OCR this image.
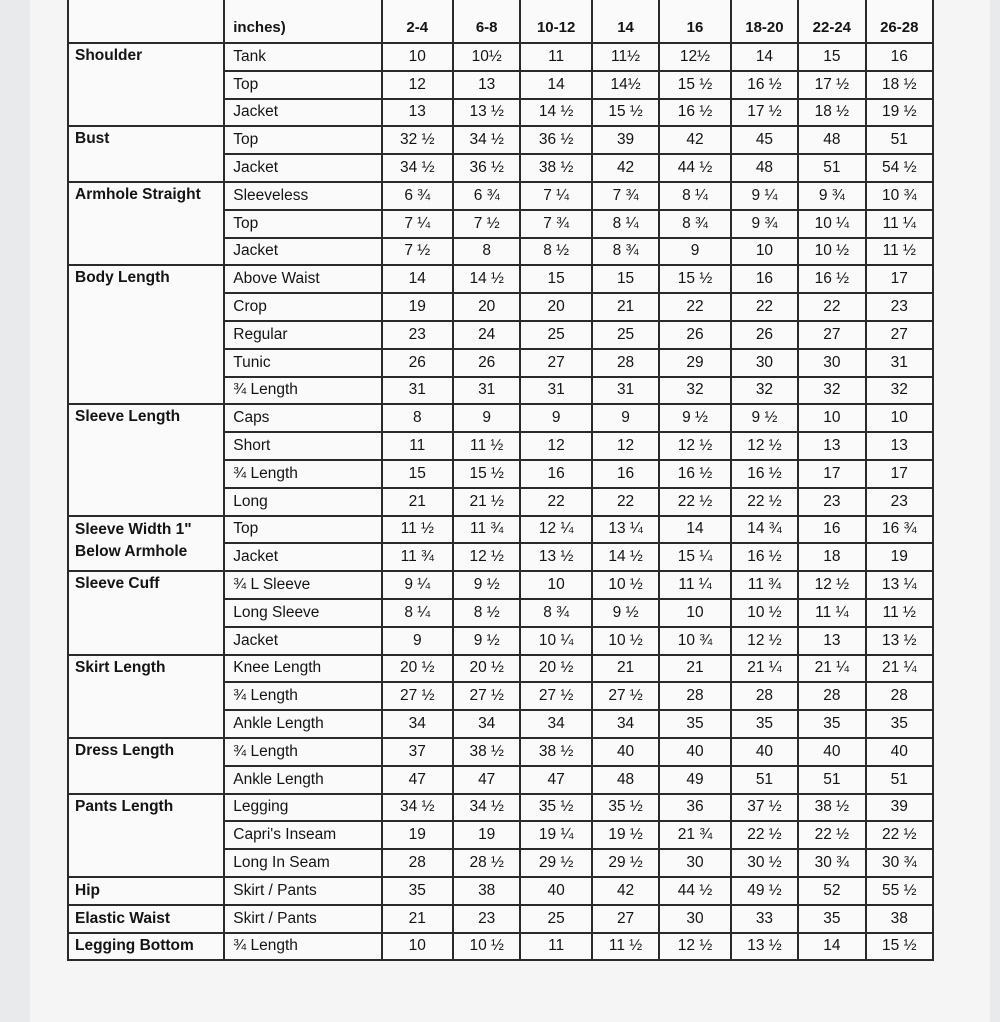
	inches)	2-4	6-8	10-12	14	16	18-20	22-24	26-28
Shoulder	Tank	10	10½	11	11½	12½	14	15	16
	Top	12	13	14	14½	15 ½	16 ½	17 ½	18 ½
	Jacket	13	13 ½	14 ½	15 ½	16 ½	17 ½	18 ½	19 ½
Bust	Top	32 ½	34 ½	36 ½	39	42	45	48	51
	Jacket	34 ½	36 ½	38 ½	42	44 ½	48	51	54 ½
Armhole Straight	Sleeveless	6 ¾	6 ¾	7 ¼	7 ¾	8 ¼	9 ¼	9 ¾	10 ¾
	Top	7 ¼	7 ½	7 ¾	8 ¼	8 ¾	9 ¾	10 ¼	11 ¼
	Jacket	7 ½	8	8 ½	8 ¾	9	10	10 ½	11 ½
Body Length	Above Waist	14	14 ½	15	15	15 ½	16	16 ½	17
	Crop	19	20	20	21	22	22	22	23
	Regular	23	24	25	25	26	26	27	27
	Tunic	26	26	27	28	29	30	30	31
	¾ Length	31	31	31	31	32	32	32	32
Sleeve Length	Caps	8	9	9	9	9 ½	9 ½	10	10
	Short	11	11 ½	12	12	12 ½	12 ½	13	13
	¾ Length	15	15 ½	16	16	16 ½	16 ½	17	17
	Long	21	21 ½	22	22	22 ½	22 ½	23	23
Sleeve Width 1" Below Armhole	Top	11 ½	11 ¾	12 ¼	13 ¼	14	14 ¾	16	16 ¾
	Jacket	11 ¾	12 ½	13 ½	14 ½	15 ¼	16 ½	18	19
Sleeve Cuff	¾ L Sleeve	9 ¼	9 ½	10	10 ½	11 ¼	11 ¾	12 ½	13 ¼
	Long Sleeve	8 ¼	8 ½	8 ¾	9 ½	10	10 ½	11 ¼	11 ½
	Jacket	9	9 ½	10 ¼	10 ½	10 ¾	12 ½	13	13 ½
Skirt Length	Knee Length	20 ½	20 ½	20 ½	21	21	21 ¼	21 ¼	21 ¼
	¾ Length	27 ½	27 ½	27 ½	27 ½	28	28	28	28
	Ankle Length	34	34	34	34	35	35	35	35
Dress Length	¾ Length	37	38 ½	38 ½	40	40	40	40	40
	Ankle Length	47	47	47	48	49	51	51	51
Pants Length	Legging	34 ½	34 ½	35 ½	35 ½	36	37 ½	38 ½	39
	Capri's Inseam	19	19	19 ¼	19 ½	21 ¾	22 ½	22 ½	22 ½
	Long In Seam	28	28 ½	29 ½	29 ½	30	30 ½	30 ¾	30 ¾
Hip	Skirt / Pants	35	38	40	42	44 ½	49 ½	52	55 ½
Elastic Waist	Skirt / Pants	21	23	25	27	30	33	35	38
Legging Bottom	¾ Length	10	10 ½	11	11 ½	12 ½	13 ½	14	15 ½
